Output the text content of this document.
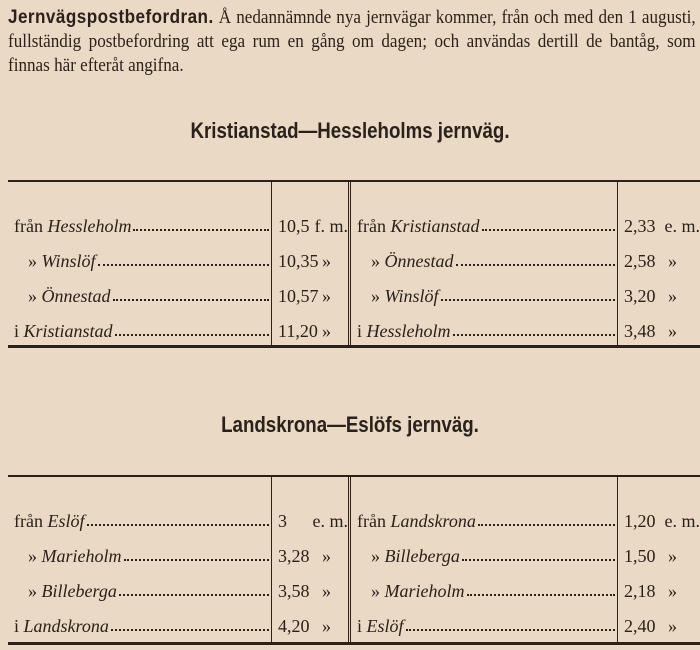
Jernvägspostbefordran. Å nedannämnde nya jernvägar kommer, från och med den 1 augusti, fullständig postbefordring att ega rum en gång om dagen; och användas dertill de bantåg, som finnas här efteråt angifna.
Kristianstad—Hessleholms jernväg.
från Hessleholm
» Winslöf
» Önnestad
i Kristianstad
10,5 f. m.
10,35 »
10,57 »
11,20 »
från Kristianstad
» Önnestad
» Winslöf
i Hessleholm
2,33 e. m.
2,58 »
3,20 »
3,48 »
Landskrona—Eslöfs jernväg.
från Eslöf
» Marieholm
» Billeberga
i Landskrona
3	e. m.
3,28 »
3,58 »
4,20 »
från Landskrona
» Billeberga
» Marieholm
i Eslöf
1,20 e. m.
1,50 »
2,18 »
2,40 »
